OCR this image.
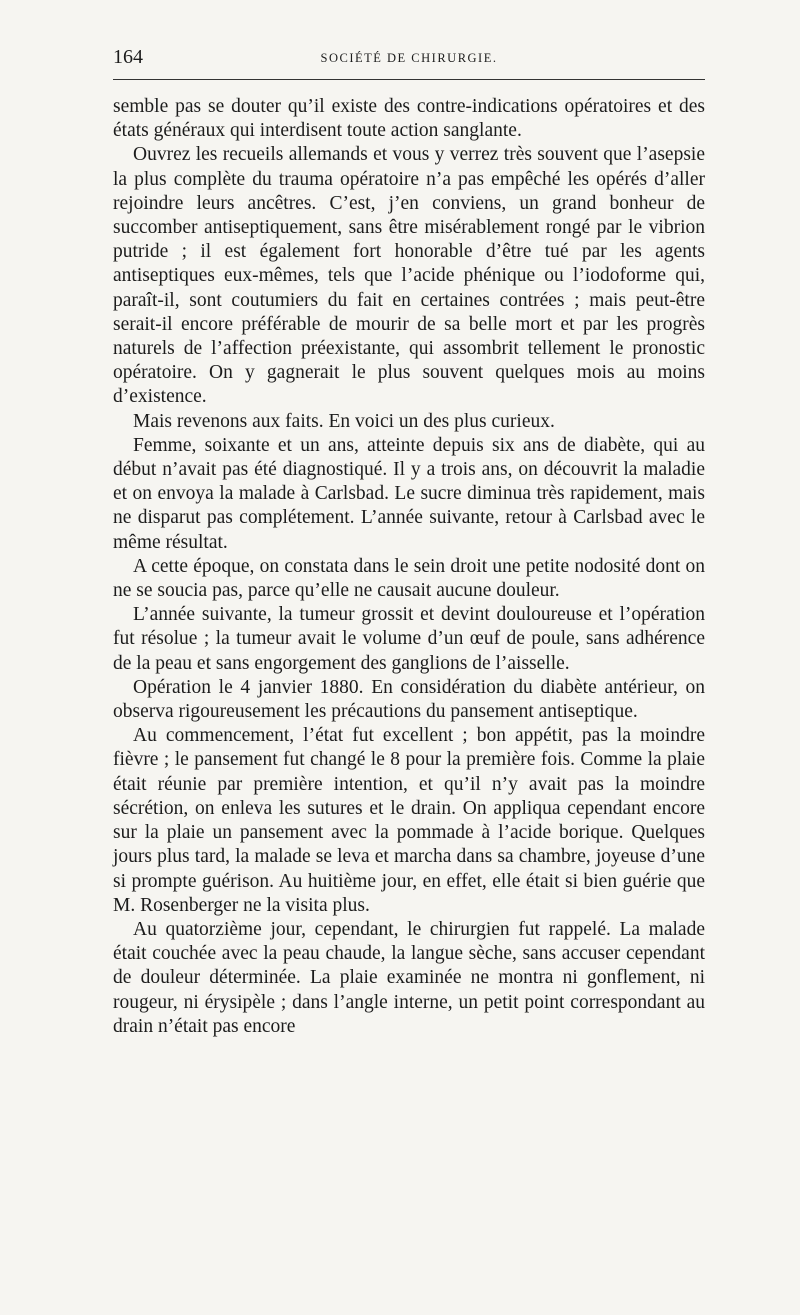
164	SOCIÉTÉ DE CHIRURGIE.

semble pas se douter qu’il existe des contre-indications opératoires et des états généraux qui interdisent toute action sanglante.

Ouvrez les recueils allemands et vous y verrez très souvent que l’asepsie la plus complète du trauma opératoire n’a pas empêché les opérés d’aller rejoindre leurs ancêtres. C’est, j’en conviens, un grand bonheur de succomber antiseptiquement, sans être misérablement rongé par le vibrion putride ; il est également fort honorable d’être tué par les agents antiseptiques eux-mêmes, tels que l’acide phénique ou l’iodoforme qui, paraît-il, sont coutumiers du fait en certaines contrées ; mais peut-être serait-il encore préférable de mourir de sa belle mort et par les progrès naturels de l’affection préexistante, qui assombrit tellement le pronostic opératoire. On y gagnerait le plus souvent quelques mois au moins d’existence.

Mais revenons aux faits. En voici un des plus curieux.

Femme, soixante et un ans, atteinte depuis six ans de diabète, qui au début n’avait pas été diagnostiqué. Il y a trois ans, on découvrit la maladie et on envoya la malade à Carlsbad. Le sucre diminua très rapidement, mais ne disparut pas complétement. L’année suivante, retour à Carlsbad avec le même résultat.

A cette époque, on constata dans le sein droit une petite nodosité dont on ne se soucia pas, parce qu’elle ne causait aucune douleur.

L’année suivante, la tumeur grossit et devint douloureuse et l’opération fut résolue ; la tumeur avait le volume d’un œuf de poule, sans adhérence de la peau et sans engorgement des ganglions de l’aisselle.

Opération le 4 janvier 1880. En considération du diabète antérieur, on observa rigoureusement les précautions du pansement antiseptique.

Au commencement, l’état fut excellent ; bon appétit, pas la moindre fièvre ; le pansement fut changé le 8 pour la première fois. Comme la plaie était réunie par première intention, et qu’il n’y avait pas la moindre sécrétion, on enleva les sutures et le drain. On appliqua cependant encore sur la plaie un pansement avec la pommade à l’acide borique. Quelques jours plus tard, la malade se leva et marcha dans sa chambre, joyeuse d’une si prompte guérison. Au huitième jour, en effet, elle était si bien guérie que M. Rosenberger ne la visita plus.

Au quatorzième jour, cependant, le chirurgien fut rappelé. La malade était couchée avec la peau chaude, la langue sèche, sans accuser cependant de douleur déterminée. La plaie examinée ne montra ni gonflement, ni rougeur, ni érysipèle ; dans l’angle interne, un petit point correspondant au drain n’était pas encore
